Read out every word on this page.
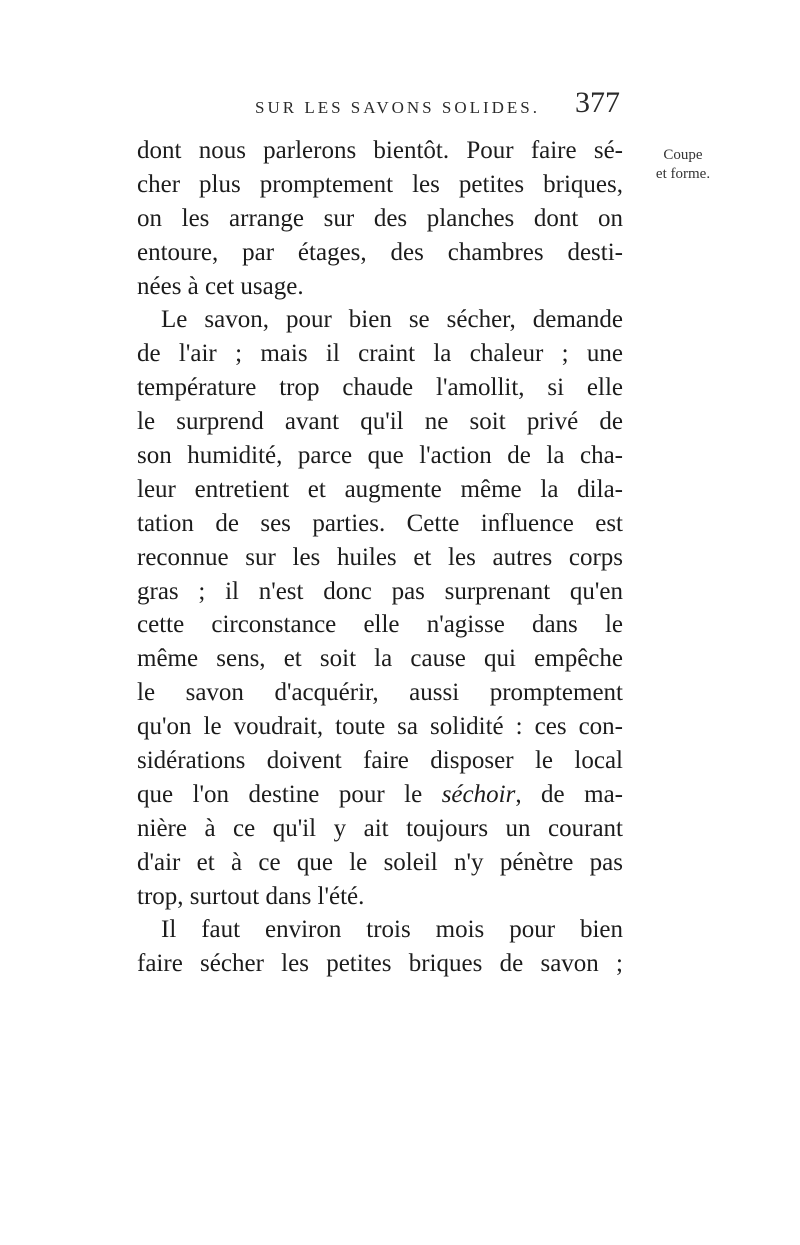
SUR LES SAVONS SOLIDES. 377
Coupe
et forme.
dont nous parlerons bientôt. Pour faire sé-
cher plus promptement les petites briques,
on les arrange sur des planches dont on
entoure, par étages, des chambres desti-
nées à cet usage.
Le savon, pour bien se sécher, demande
de l'air ; mais il craint la chaleur ; une
température trop chaude l'amollit, si elle
le surprend avant qu'il ne soit privé de
son humidité, parce que l'action de la cha-
leur entretient et augmente même la dila-
tation de ses parties. Cette influence est
reconnue sur les huiles et les autres corps
gras ; il n'est donc pas surprenant qu'en
cette circonstance elle n'agisse dans le
même sens, et soit la cause qui empêche
le savon d'acquérir, aussi promptement
qu'on le voudrait, toute sa solidité : ces con-
sidérations doivent faire disposer le local
que l'on destine pour le séchoir, de ma-
nière à ce qu'il y ait toujours un courant
d'air et à ce que le soleil n'y pénètre pas
trop, surtout dans l'été.
Il faut environ trois mois pour bien
faire sécher les petites briques de savon ;
